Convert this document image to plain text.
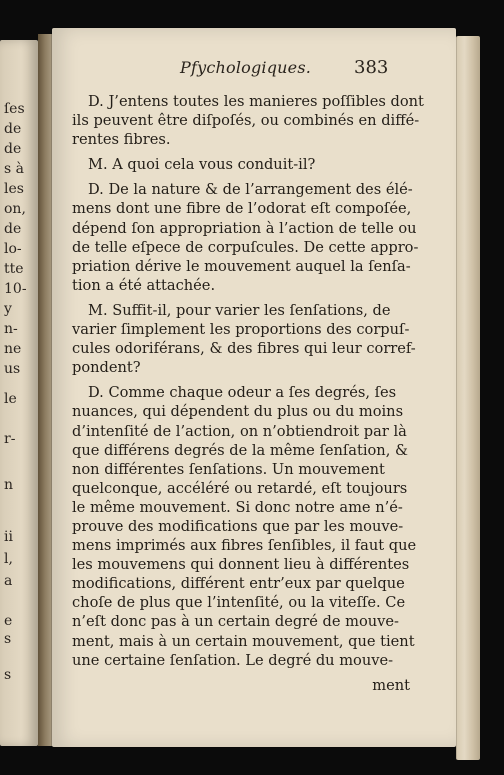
ſes
de
de
s à
les
on,
de
lo-
tte
10-
y
n-
ne
us
le
r-
n
ii
l,
a
e
s
s
Pfychologiques. 383
D. J’entens toutes les manieres poſſibles dont
ils peuvent être diſpoſés, ou combinés en diffé-
rentes fibres.
M. A quoi cela vous conduit-il?
D. De la nature & de l’arrangement des élé-
mens dont une fibre de l’odorat eſt compoſée,
dépend ſon appropriation à l’action de telle ou
de telle eſpece de corpuſcules. De cette appro-
priation dérive le mouvement auquel la ſenſa-
tion a été attachée.
M. Suffit-il, pour varier les ſenſations, de
varier ſimplement les proportions des corpuſ-
cules odoriférans, & des fibres qui leur corref-
pondent?
D. Comme chaque odeur a ſes degrés, ſes
nuances, qui dépendent du plus ou du moins
d’intenſité de l’action, on n’obtiendroit par là
que différens degrés de la même ſenſation, &
non différentes ſenſations. Un mouvement
quelconque, accéléré ou retardé, eſt toujours
le même mouvement. Si donc notre ame n’é-
prouve des modifications que par les mouve-
mens imprimés aux fibres ſenſibles, il faut que
les mouvemens qui donnent lieu à différentes
modifications, différent entr’eux par quelque
choſe de plus que l’intenſité, ou la viteſſe. Ce
n’eſt donc pas à un certain degré de mouve-
ment, mais à un certain mouvement, que tient
une certaine ſenſation. Le degré du mouve-
ment
